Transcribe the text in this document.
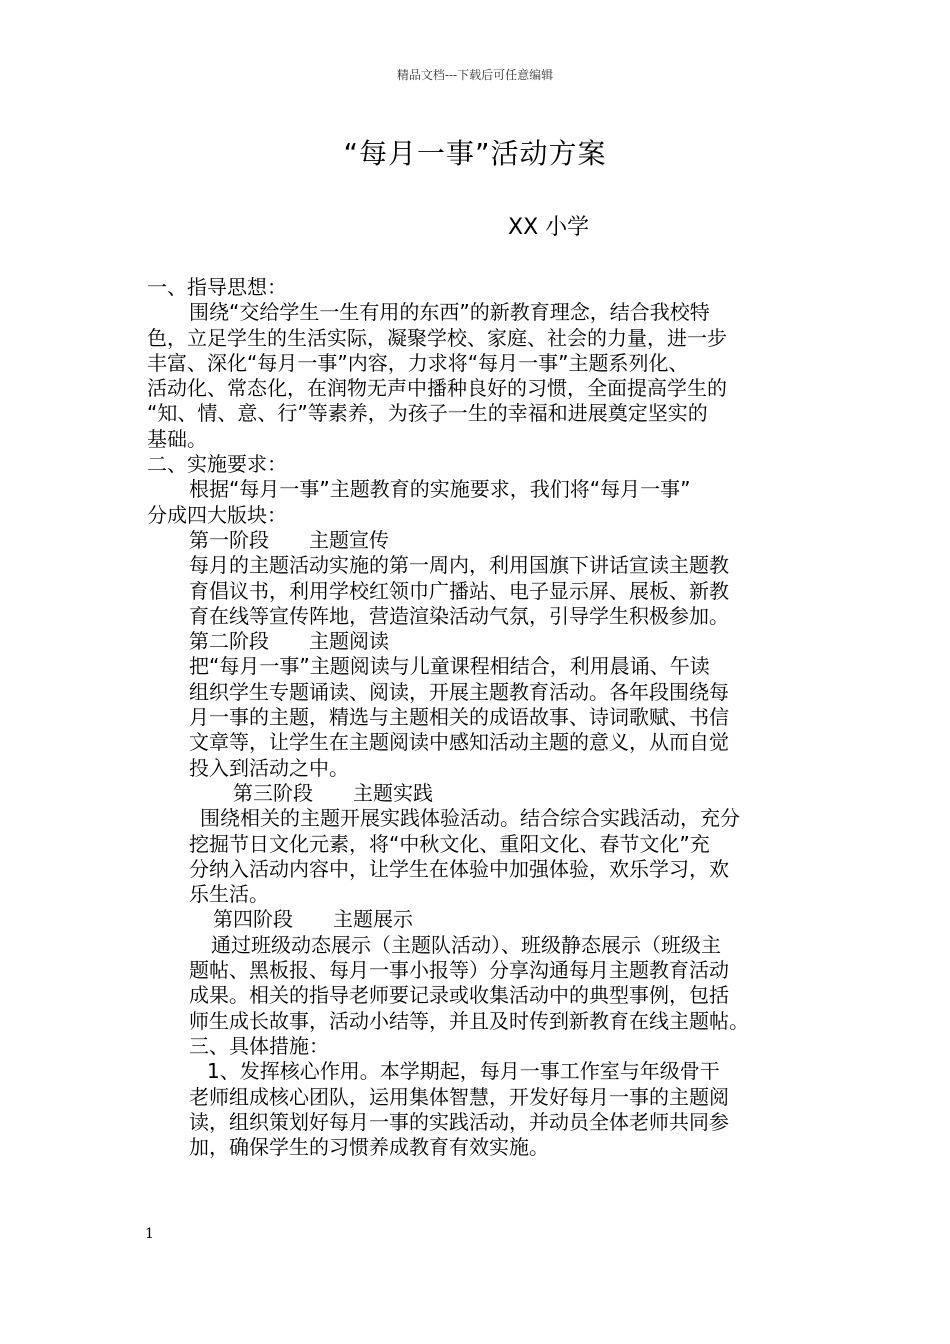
精品文档---下载后可任意编辑
“每月一事”活动方案
XX 小学

一、指导思想：

围绕“交给学生一生有用的东西”的新教育理念，结合我校特

色，立足学生的生活实际，凝聚学校、家庭、社会的力量，进一步

丰富、深化“每月一事”内容，力求将“每月一事”主题系列化、

活动化、常态化，在润物无声中播种良好的习惯，全面提高学生的

“知、情、意、行”等素养，为孩子一生的幸福和进展奠定坚实的

基础。

二、实施要求：

根据“每月一事”主题教育的实施要求，我们将“每月一事”

分成四大版块：

第一阶段 主题宣传

每月的主题活动实施的第一周内，利用国旗下讲话宣读主题教

育倡议书，利用学校红领巾广播站、电子显示屏、展板、新教

育在线等宣传阵地，营造渲染活动气氛，引导学生积极参加。

第二阶段 主题阅读

把“每月一事”主题阅读与儿童课程相结合，利用晨诵、午读

组织学生专题诵读、阅读，开展主题教育活动。各年段围绕每

月一事的主题，精选与主题相关的成语故事、诗词歌赋、书信

文章等，让学生在主题阅读中感知活动主题的意义，从而自觉

投入到活动之中。

第三阶段 主题实践

围绕相关的主题开展实践体验活动。结合综合实践活动，充分

挖掘节日文化元素，将“中秋文化、重阳文化、春节文化”充

分纳入活动内容中，让学生在体验中加强体验，欢乐学习，欢

乐生活。

第四阶段 主题展示

通过班级动态展示（主题队活动）、班级静态展示（班级主

题帖、黑板报、每月一事小报等）分享沟通每月主题教育活动

成果。相关的指导老师要记录或收集活动中的典型事例，包括

师生成长故事，活动小结等，并且及时传到新教育在线主题帖。

三、具体措施：

1、发挥核心作用。本学期起，每月一事工作室与年级骨干

老师组成核心团队，运用集体智慧，开发好每月一事的主题阅

读，组织策划好每月一事的实践活动，并动员全体老师共同参

加，确保学生的习惯养成教育有效实施。

1
